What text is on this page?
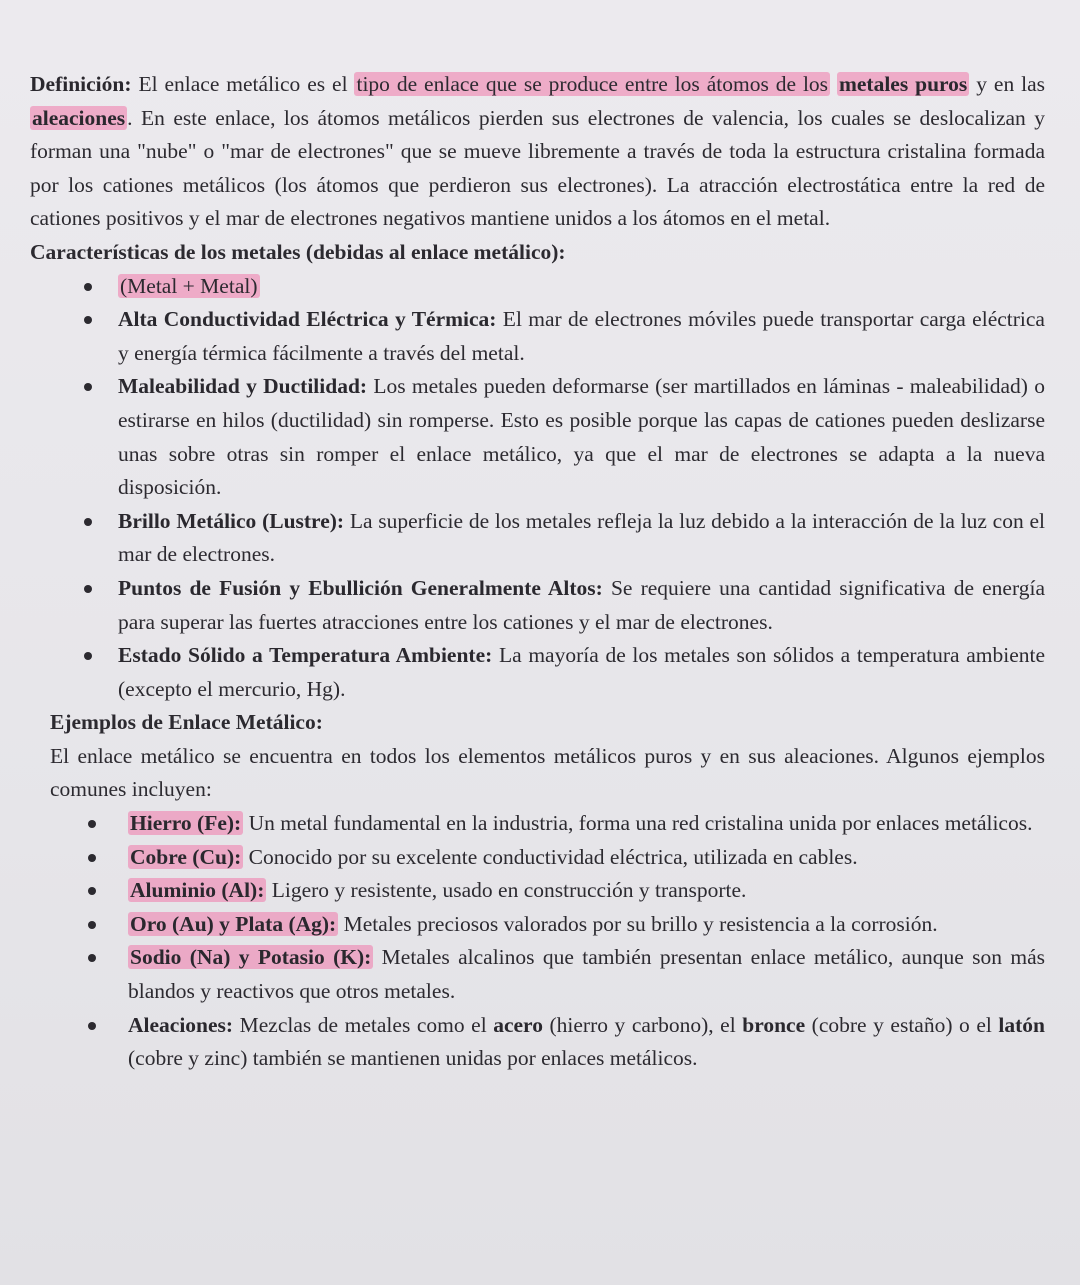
Definición: El enlace metálico es el tipo de enlace que se produce entre los átomos de los metales puros y en las aleaciones. En este enlace, los átomos metálicos pierden sus electrones de valencia, los cuales se deslocalizan y forman una "nube" o "mar de electrones" que se mueve libremente a través de toda la estructura cristalina formada por los cationes metálicos (los átomos que perdieron sus electrones). La atracción electrostática entre la red de cationes positivos y el mar de electrones negativos mantiene unidos a los átomos en el metal.

Características de los metales (debidas al enlace metálico):
(Metal + Metal)
Alta Conductividad Eléctrica y Térmica: El mar de electrones móviles puede transportar carga eléctrica y energía térmica fácilmente a través del metal.
Maleabilidad y Ductilidad: Los metales pueden deformarse (ser martillados en láminas - maleabilidad) o estirarse en hilos (ductilidad) sin romperse. Esto es posible porque las capas de cationes pueden deslizarse unas sobre otras sin romper el enlace metálico, ya que el mar de electrones se adapta a la nueva disposición.
Brillo Metálico (Lustre): La superficie de los metales refleja la luz debido a la interacción de la luz con el mar de electrones.
Puntos de Fusión y Ebullición Generalmente Altos: Se requiere una cantidad significativa de energía para superar las fuertes atracciones entre los cationes y el mar de electrones.
Estado Sólido a Temperatura Ambiente: La mayoría de los metales son sólidos a temperatura ambiente (excepto el mercurio, Hg).
Ejemplos de Enlace Metálico:

El enlace metálico se encuentra en todos los elementos metálicos puros y en sus aleaciones. Algunos ejemplos comunes incluyen:

Hierro (Fe): Un metal fundamental en la industria, forma una red cristalina unida por enlaces metálicos.
Cobre (Cu): Conocido por su excelente conductividad eléctrica, utilizada en cables.
Aluminio (Al): Ligero y resistente, usado en construcción y transporte.
Oro (Au) y Plata (Ag): Metales preciosos valorados por su brillo y resistencia a la corrosión.
Sodio (Na) y Potasio (K): Metales alcalinos que también presentan enlace metálico, aunque son más blandos y reactivos que otros metales.
Aleaciones: Mezclas de metales como el acero (hierro y carbono), el bronce (cobre y estaño) o el latón (cobre y zinc) también se mantienen unidas por enlaces metálicos.
